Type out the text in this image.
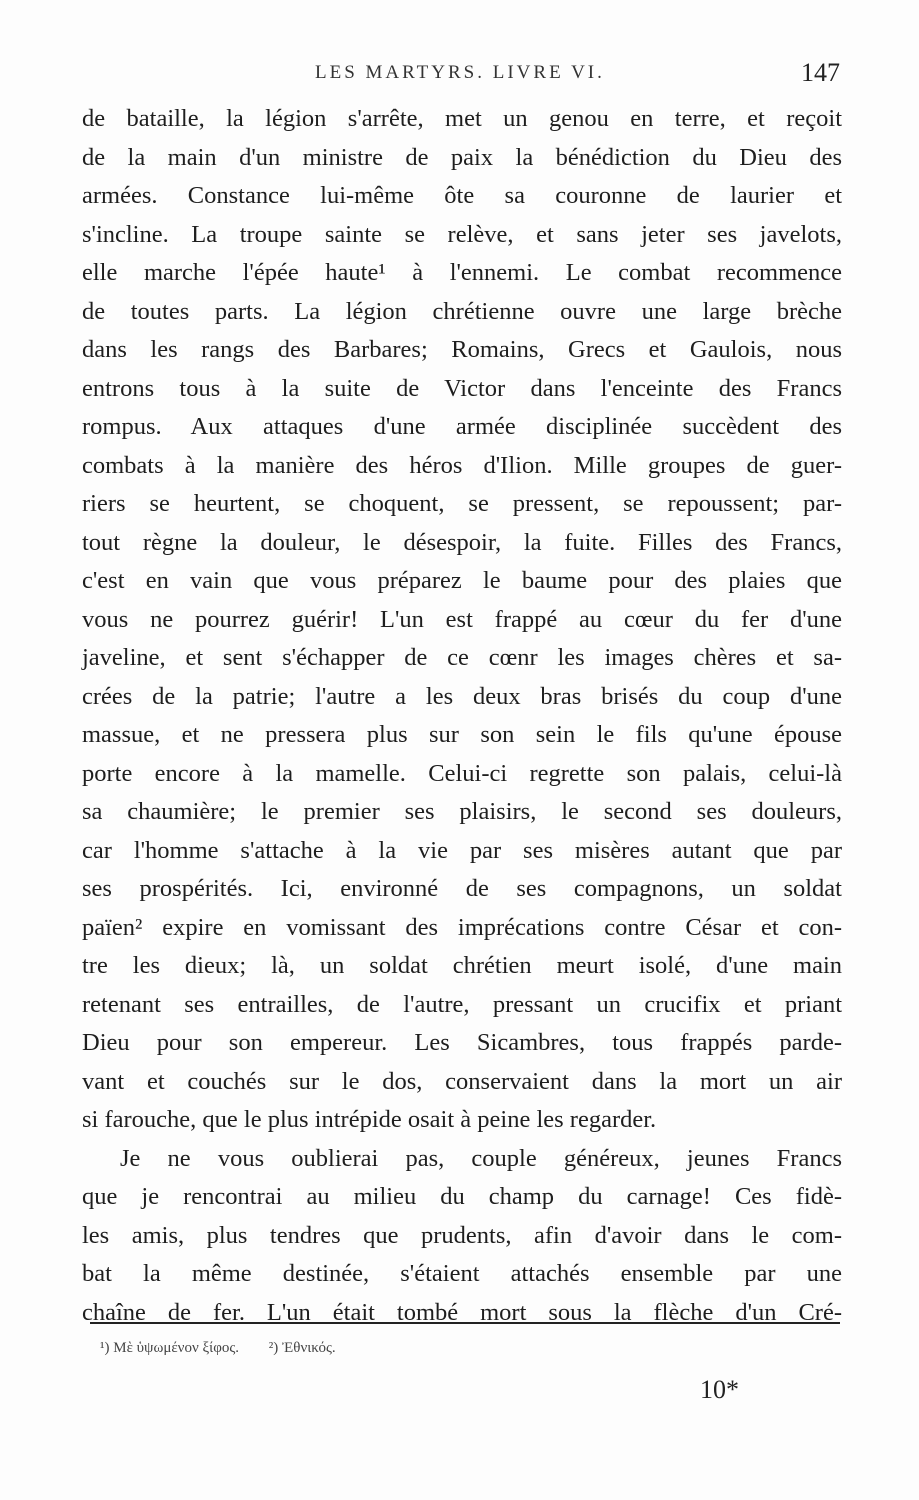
LES MARTYRS. LIVRE VI.	147
de bataille, la légion s'arrête, met un genou en terre, et reçoit
de la main d'un ministre de paix la bénédiction du Dieu des
armées. Constance lui-même ôte sa couronne de laurier et
s'incline. La troupe sainte se relève, et sans jeter ses javelots,
elle marche l'épée haute¹ à l'ennemi. Le combat recommence
de toutes parts. La légion chrétienne ouvre une large brèche
dans les rangs des Barbares; Romains, Grecs et Gaulois, nous
entrons tous à la suite de Victor dans l'enceinte des Francs
rompus. Aux attaques d'une armée disciplinée succèdent des
combats à la manière des héros d'Ilion. Mille groupes de guer-
riers se heurtent, se choquent, se pressent, se repoussent; par-
tout règne la douleur, le désespoir, la fuite. Filles des Francs,
c'est en vain que vous préparez le baume pour des plaies que
vous ne pourrez guérir! L'un est frappé au cœur du fer d'une
javeline, et sent s'échapper de ce cœnr les images chères et sa-
crées de la patrie; l'autre a les deux bras brisés du coup d'une
massue, et ne pressera plus sur son sein le fils qu'une épouse
porte encore à la mamelle. Celui-ci regrette son palais, celui-là
sa chaumière; le premier ses plaisirs, le second ses douleurs,
car l'homme s'attache à la vie par ses misères autant que par
ses prospérités. Ici, environné de ses compagnons, un soldat
païen² expire en vomissant des imprécations contre César et con-
tre les dieux; là, un soldat chrétien meurt isolé, d'une main
retenant ses entrailles, de l'autre, pressant un crucifix et priant
Dieu pour son empereur. Les Sicambres, tous frappés parde-
vant et couchés sur le dos, conservaient dans la mort un air
si farouche, que le plus intrépide osait à peine les regarder.
Je ne vous oublierai pas, couple généreux, jeunes Francs
que je rencontrai au milieu du champ du carnage! Ces fidè-
les amis, plus tendres que prudents, afin d'avoir dans le com-
bat la même destinée, s'étaient attachés ensemble par une
chaîne de fer. L'un était tombé mort sous la flèche d'un Cré-
¹) Μὲ ὑψωμένον ξίφος. ²) Ἐθνικός.
10*
